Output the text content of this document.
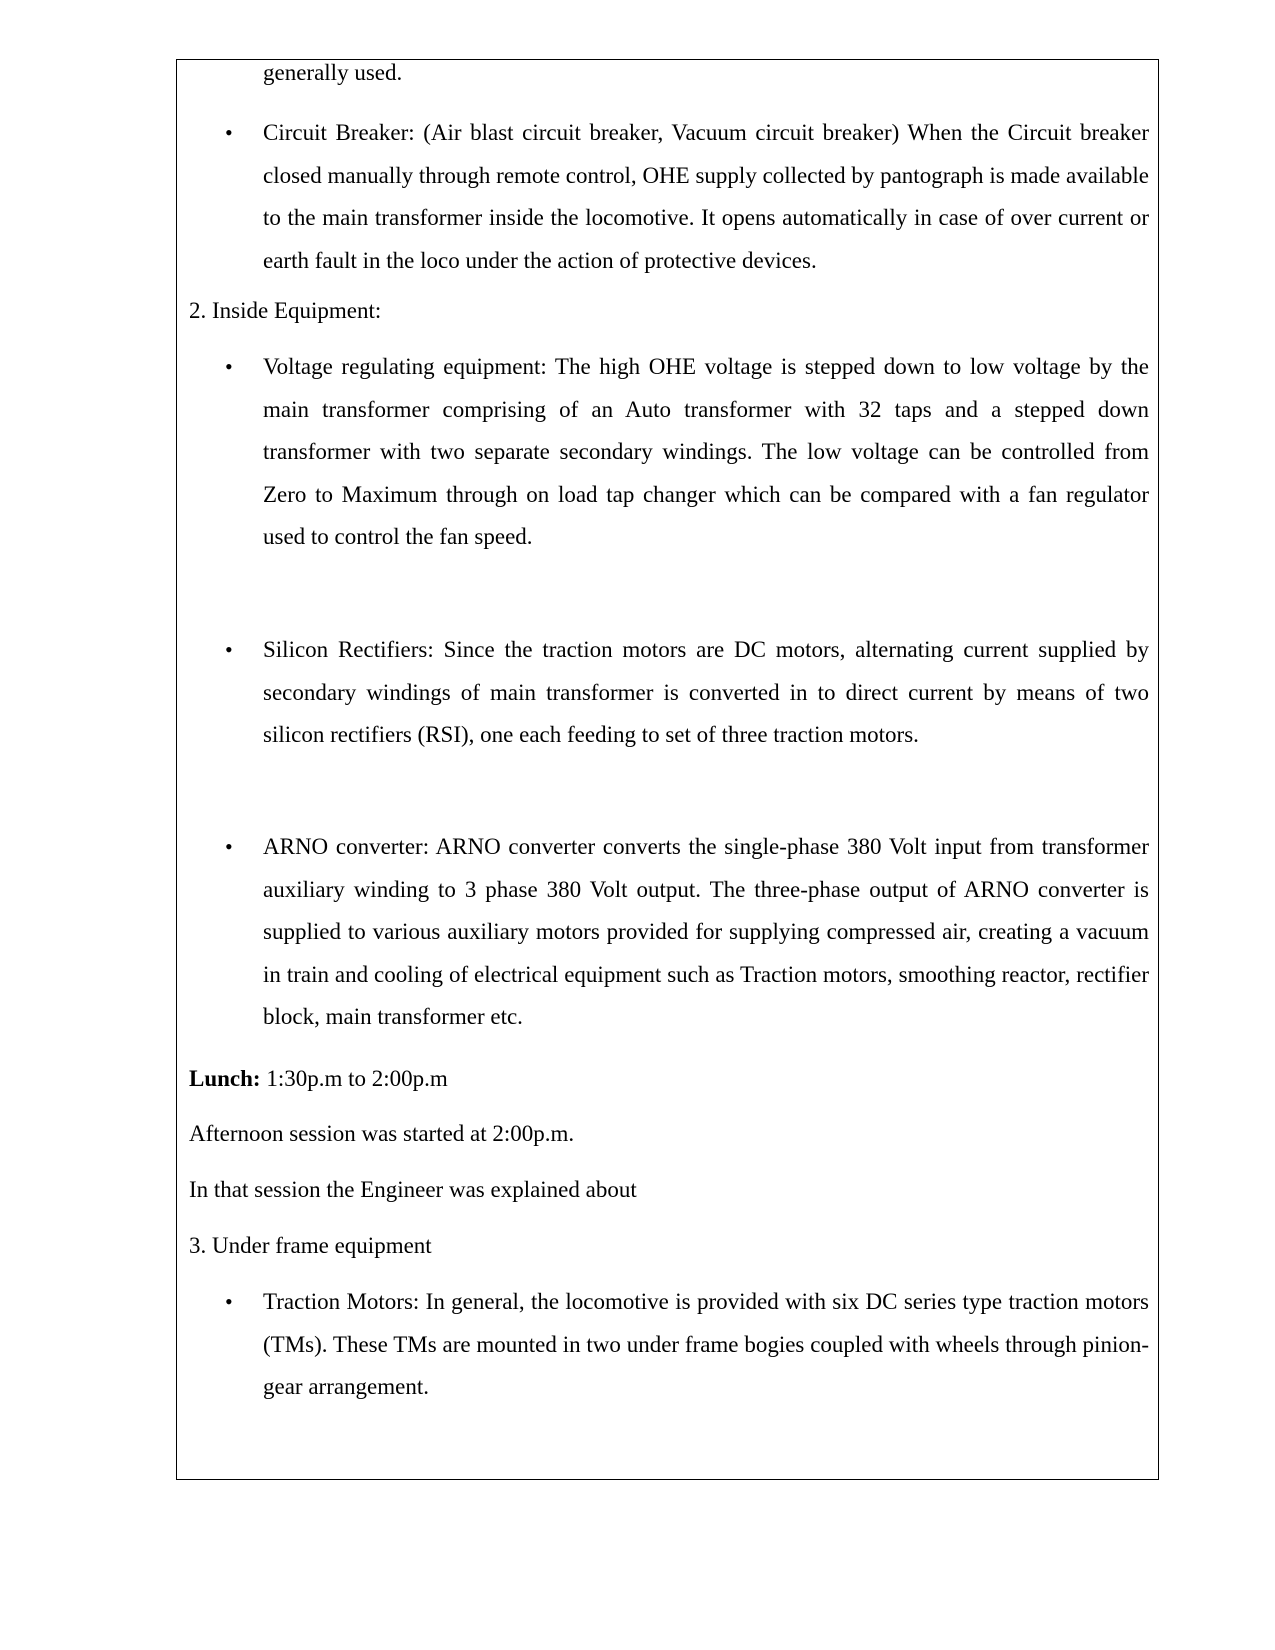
generally used.

• Circuit Breaker: (Air blast circuit breaker, Vacuum circuit breaker) When the Circuit breaker closed manually through remote control, OHE supply collected by pantograph is made available to the main transformer inside the locomotive. It opens automatically in case of over current or earth fault in the loco under the action of protective devices.

2. Inside Equipment:

• Voltage regulating equipment: The high OHE voltage is stepped down to low voltage by the main transformer comprising of an Auto transformer with 32 taps and a stepped down transformer with two separate secondary windings. The low voltage can be controlled from Zero to Maximum through on load tap changer which can be compared with a fan regulator used to control the fan speed.
• Silicon Rectifiers: Since the traction motors are DC motors, alternating current supplied by secondary windings of main transformer is converted in to direct current by means of two silicon rectifiers (RSI), one each feeding to set of three traction motors.
• ARNO converter: ARNO converter converts the single-phase 380 Volt input from transformer auxiliary winding to 3 phase 380 Volt output. The three-phase output of ARNO converter is supplied to various auxiliary motors provided for supplying compressed air, creating a vacuum in train and cooling of electrical equipment such as Traction motors, smoothing reactor, rectifier block, main transformer etc.

Lunch: 1:30p.m to 2:00p.m

Afternoon session was started at 2:00p.m.

In that session the Engineer was explained about

3. Under frame equipment

• Traction Motors: In general, the locomotive is provided with six DC series type traction motors (TMs). These TMs are mounted in two under frame bogies coupled with wheels through pinion-gear arrangement.
